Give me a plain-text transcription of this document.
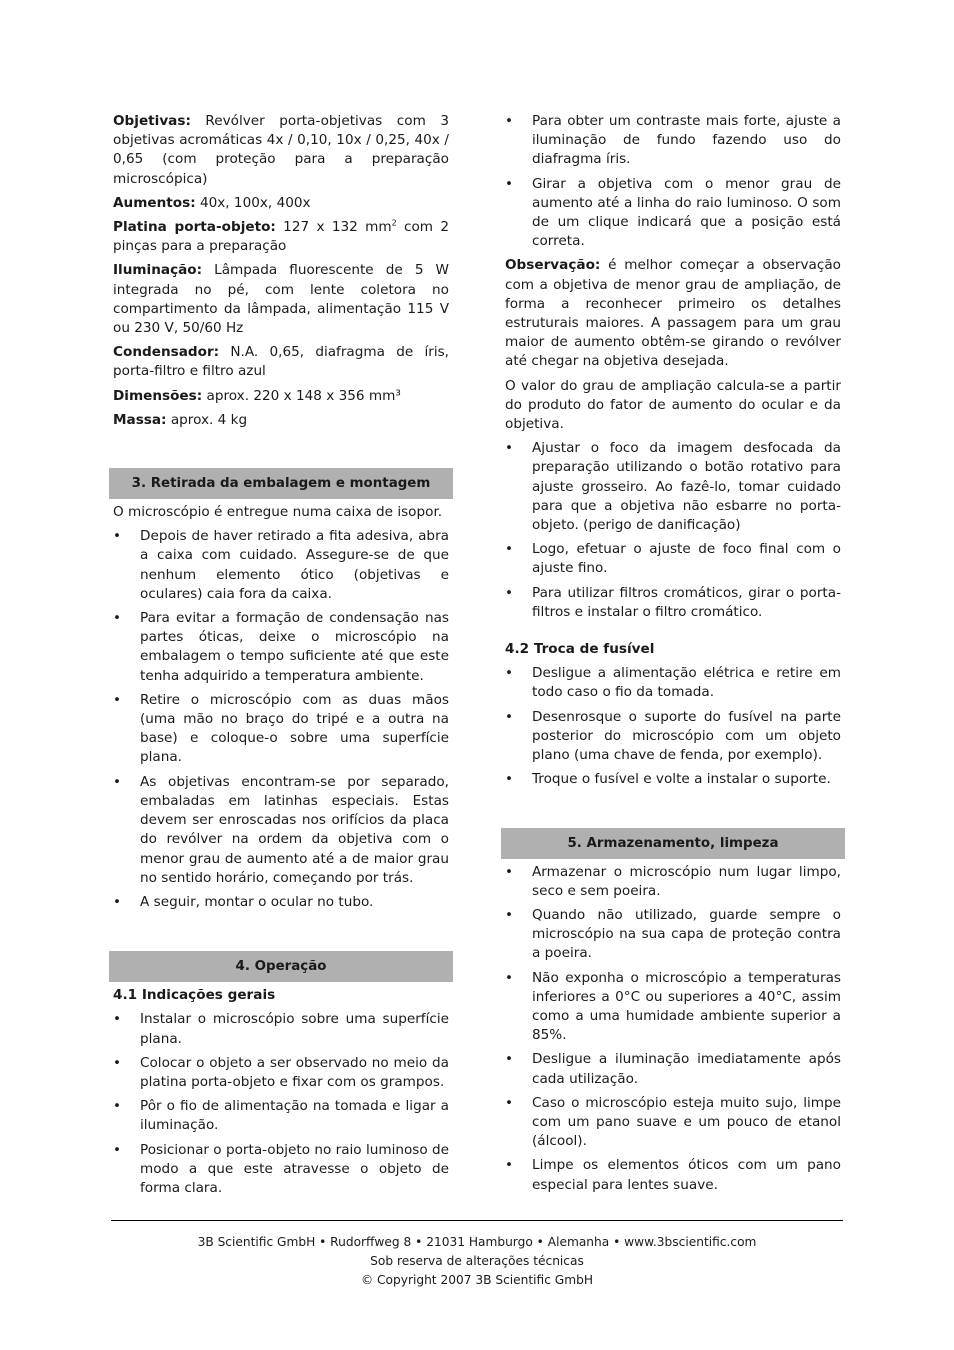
Objetivas: Revólver porta-objetivas com 3 objetivas acromáticas 4x / 0,10, 10x / 0,25, 40x / 0,65 (com proteção para a preparação microscópica)

Aumentos: 40x, 100x, 400x

Platina porta-objeto: 127 x 132 $mm^2$ com 2 pinças para a preparação

Iluminação: Lâmpada fluorescente de 5 W integrada no pé, com lente coletora no compartimento da lâmpada, alimentação 115 V ou 230 V, 50/60 Hz

Condensador: N.A. 0,65, diafragma de íris, porta-filtro e filtro azul

Dimensões: aprox. 220 x 148 x 356 mm³

Massa: aprox. 4 kg

3. Retirada da embalagem e montagem

O microscópio é entregue numa caixa de isopor.

• Depois de haver retirado a fita adesiva, abra a caixa com cuidado. Assegure-se de que nenhum elemento ótico (objetivas e oculares) caia fora da caixa.
• Para evitar a formação de condensação nas partes óticas, deixe o microscópio na embalagem o tempo suficiente até que este tenha adquirido a temperatura ambiente.
• Retire o microscópio com as duas mãos (uma mão no braço do tripé e a outra na base) e coloque-o sobre uma superfície plana.
• As objetivas encontram-se por separado, embaladas em latinhas especiais. Estas devem ser enroscadas nos orifícios da placa do revólver na ordem da objetiva com o menor grau de aumento até a de maior grau no sentido horário, começando por trás.
• A seguir, montar o ocular no tubo.
4. Operação

4.1 Indicações gerais

• Instalar o microscópio sobre uma superfície plana.
• Colocar o objeto a ser observado no meio da platina porta-objeto e fixar com os grampos.
• Pôr o fio de alimentação na tomada e ligar a iluminação.
• Posicionar o porta-objeto no raio luminoso de modo a que este atravesse o objeto de forma clara.
• Para obter um contraste mais forte, ajuste a iluminação de fundo fazendo uso do diafragma íris.
• Girar a objetiva com o menor grau de aumento até a linha do raio luminoso. O som de um clique indicará que a posição está correta.

Observação: é melhor começar a observação com a objetiva de menor grau de ampliação, de forma a reconhecer primeiro os detalhes estruturais maiores. A passagem para um grau maior de aumento obtêm-se girando o revólver até chegar na objetiva desejada.

O valor do grau de ampliação calcula-se a partir do produto do fator de aumento do ocular e da objetiva.

• Ajustar o foco da imagem desfocada da preparação utilizando o botão rotativo para ajuste grosseiro. Ao fazê-lo, tomar cuidado para que a objetiva não esbarre no porta-objeto. (perigo de danificação)
• Logo, efetuar o ajuste de foco final com o ajuste fino.
• Para utilizar filtros cromáticos, girar o porta-filtros e instalar o filtro cromático.

4.2 Troca de fusível

• Desligue a alimentação elétrica e retire em todo caso o fio da tomada.
• Desenrosque o suporte do fusível na parte posterior do microscópio com um objeto plano (uma chave de fenda, por exemplo).
• Troque o fusível e volte a instalar o suporte.
5. Armazenamento, limpeza
• Armazenar o microscópio num lugar limpo, seco e sem poeira.
• Quando não utilizado, guarde sempre o microscópio na sua capa de proteção contra a poeira.
• Não exponha o microscópio a temperaturas inferiores a 0°C ou superiores a 40°C, assim como a uma humidade ambiente superior a 85%.
• Desligue a iluminação imediatamente após cada utilização.
• Caso o microscópio esteja muito sujo, limpe com um pano suave e um pouco de etanol (álcool).
• Limpe os elementos óticos com um pano especial para lentes suave.
3B Scientific GmbH • Rudorffweg 8 • 21031 Hamburgo • Alemanha • www.3bscientific.com
Sob reserva de alterações técnicas
© Copyright 2007 3B Scientific GmbH
